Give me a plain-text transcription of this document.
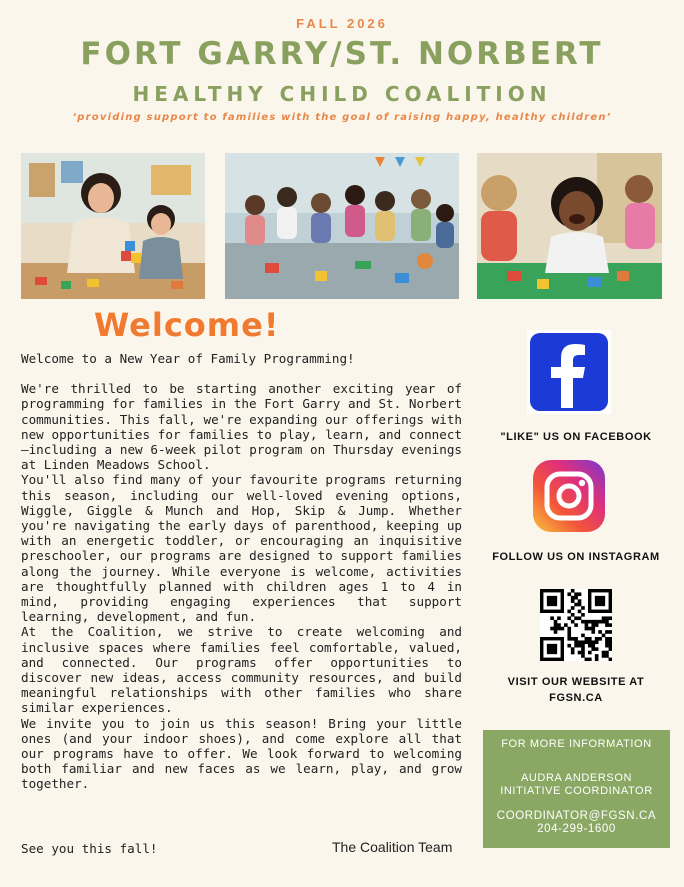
FALL 2026
FORT GARRY/ST. NORBERT
HEALTHY CHILD COALITION
‘providing support to families with the goal of raising happy, healthy children’
Welcome!

Welcome to a New Year of Family Programming!

We're thrilled to be starting another exciting year of programming for families in the Fort Garry and St. Norbert communities. This fall, we're expanding our offerings with new opportunities for families to play, learn, and connect—including a new 6-week pilot program on Thursday evenings at Linden Meadows School.

You'll also find many of your favourite programs returning this season, including our well-loved evening options, Wiggle, Giggle & Munch and Hop, Skip & Jump. Whether you're navigating the early days of parenthood, keeping up with an energetic toddler, or encouraging an inquisitive preschooler, our programs are designed to support families along the journey. While everyone is welcome, activities are thoughtfully planned with children ages 1 to 4 in mind, providing engaging experiences that support learning, development, and fun.

At the Coalition, we strive to create welcoming and inclusive spaces where families feel comfortable, valued, and connected. Our programs offer opportunities to discover new ideas, access community resources, and build meaningful relationships with other families who share similar experiences.

We invite you to join us this season! Bring your little ones (and your indoor shoes), and come explore all that our programs have to offer. We look forward to welcoming both familiar and new faces as we learn, play, and grow together.

See you this fall!	The Coalition Team
"LIKE" US ON FACEBOOK
FOLLOW US ON INSTAGRAM
VISIT OUR WEBSITE AT
FGSN.CA
FOR MORE INFORMATION
AUDRA ANDERSON
INITIATIVE COORDINATOR
COORDINATOR@FGSN.CA
204-299-1600
